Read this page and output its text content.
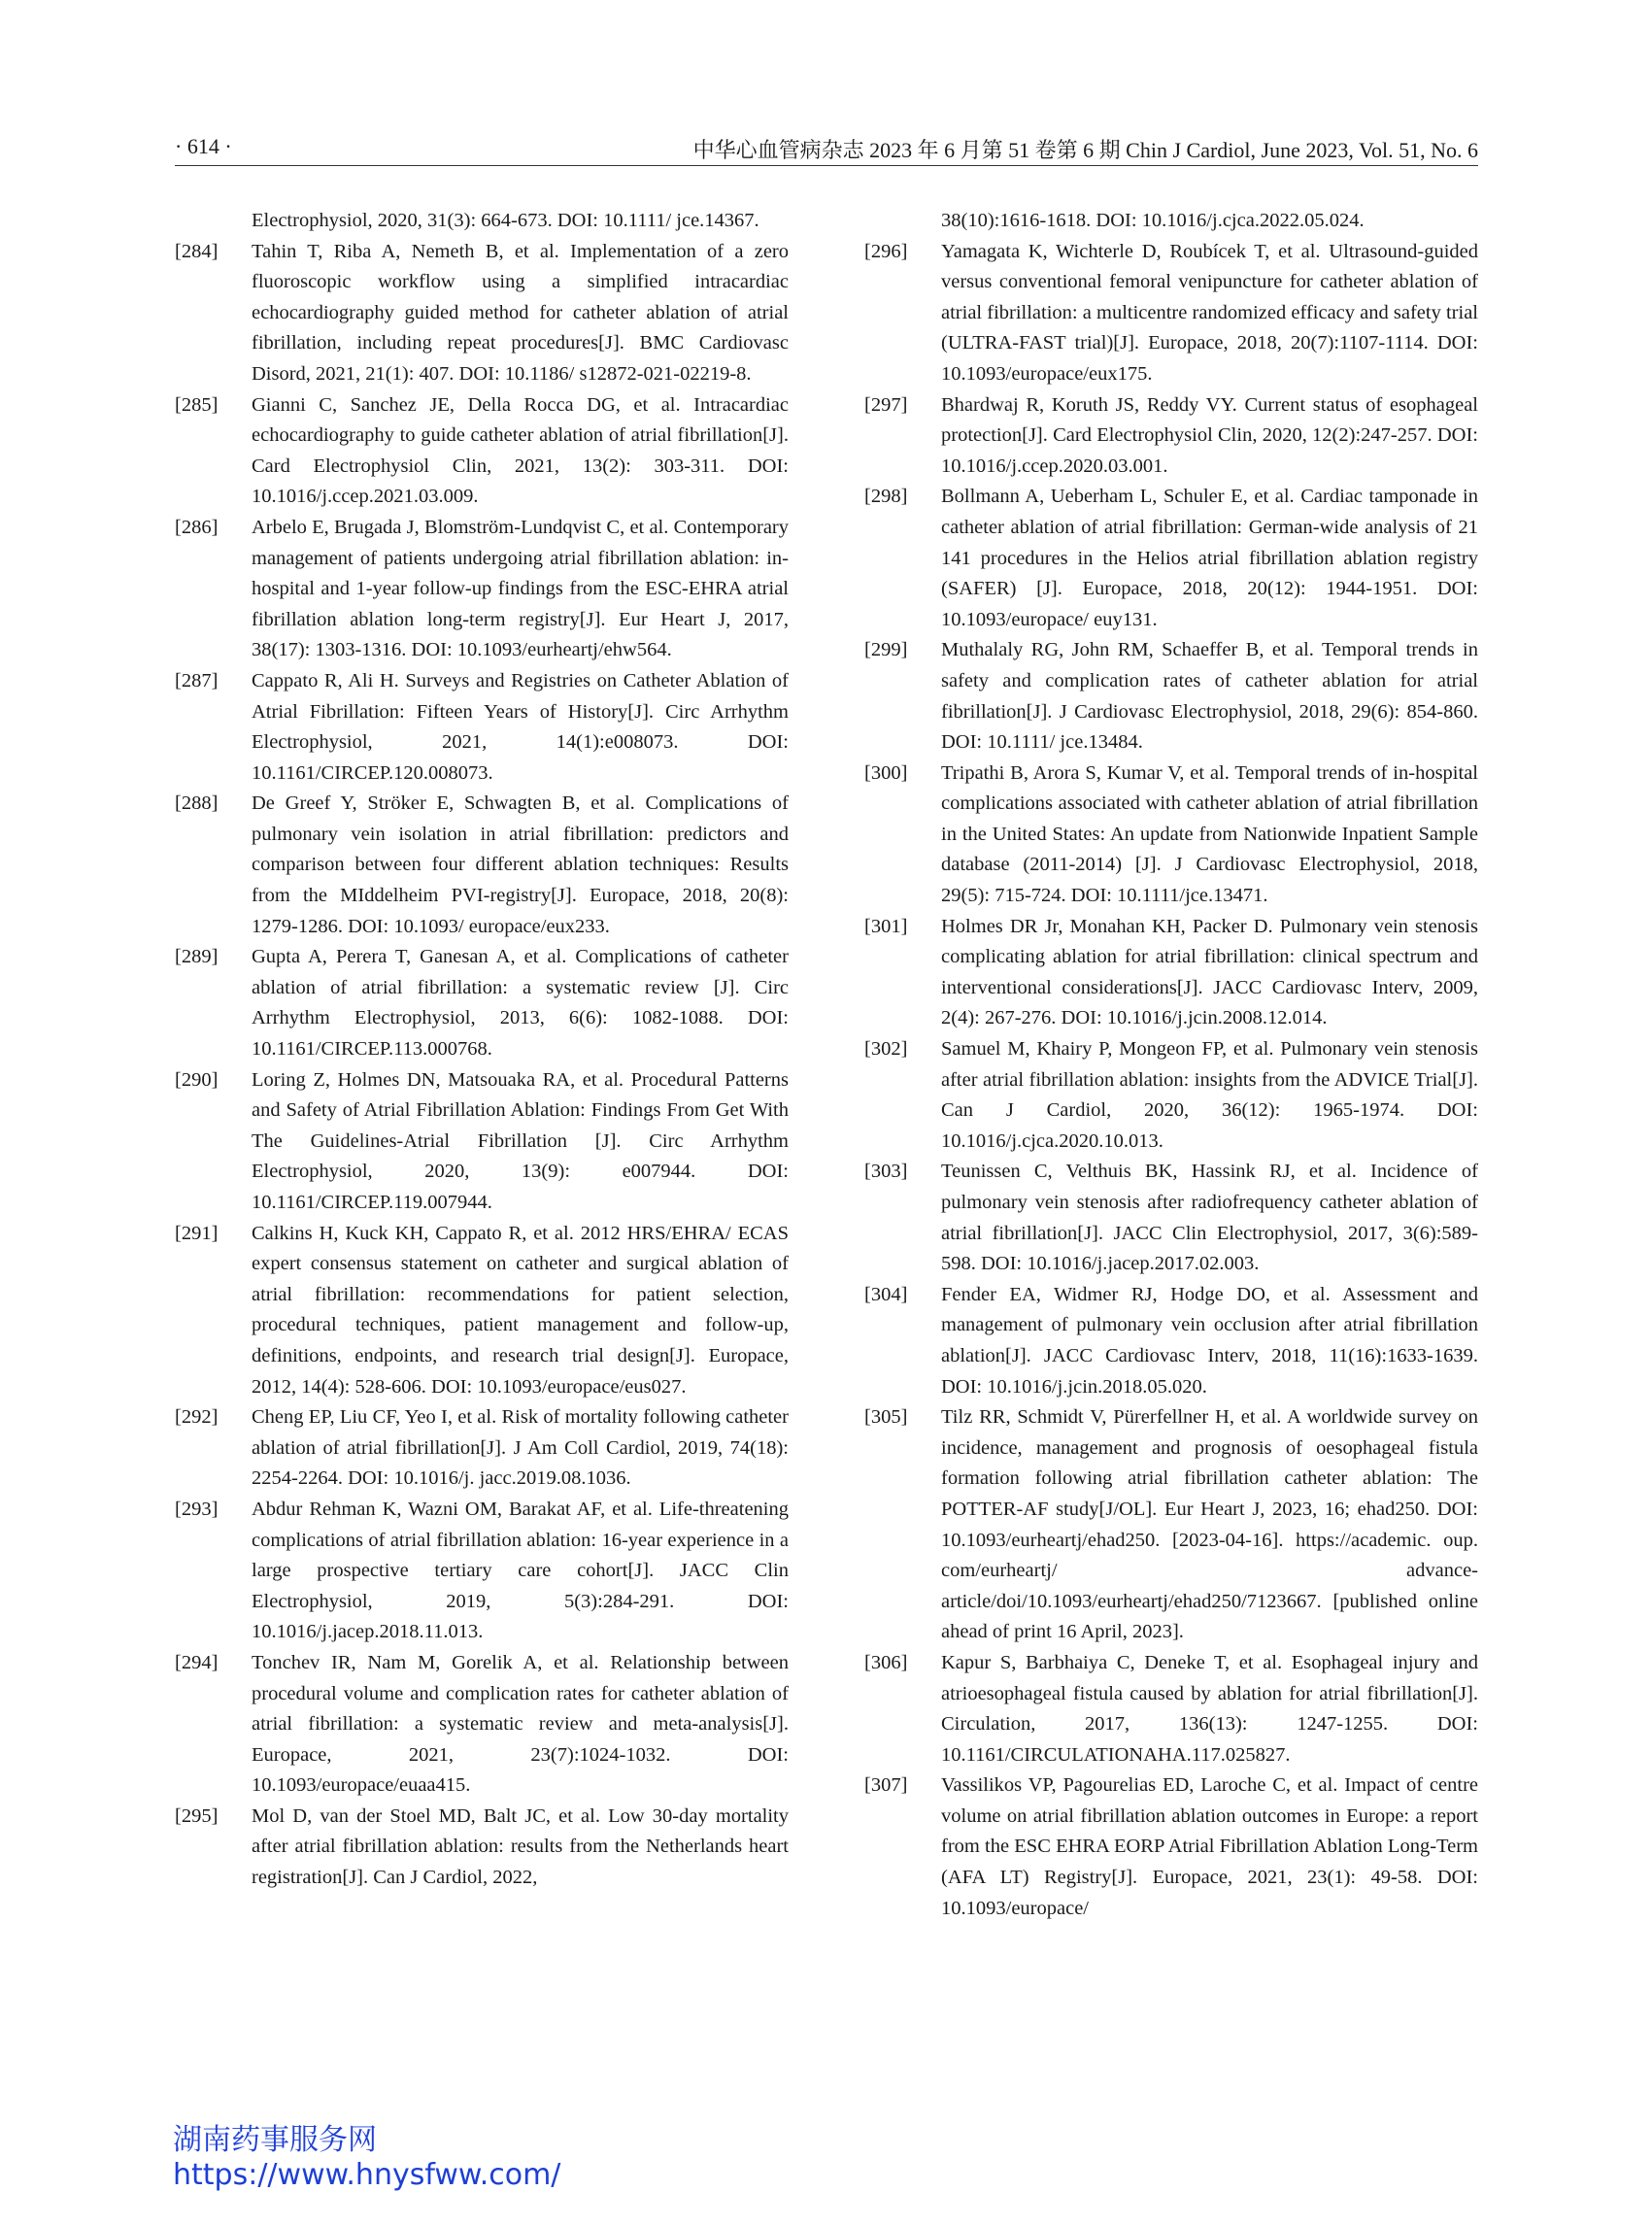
· 614 ·	中华心血管病杂志 2023 年 6 月第 51 卷第 6 期 Chin J Cardiol, June 2023, Vol. 51, No. 6
Electrophysiol, 2020, 31(3): 664-673. DOI: 10.1111/ jce.14367.
[284]	Tahin T, Riba A, Nemeth B, et al. Implementation of a zero fluoroscopic workflow using a simplified intracardiac echocardiography guided method for catheter ablation of atrial fibrillation, including repeat procedures[J]. BMC Cardiovasc Disord, 2021, 21(1): 407. DOI: 10.1186/ s12872-021-02219-8.
[285]	Gianni C, Sanchez JE, Della Rocca DG, et al. Intracardiac echocardiography to guide catheter ablation of atrial fibrillation[J]. Card Electrophysiol Clin, 2021, 13(2): 303-311. DOI: 10.1016/j.ccep.2021.03.009.
[286]	Arbelo E, Brugada J, Blomström-Lundqvist C, et al. Contemporary management of patients undergoing atrial fibrillation ablation: in-hospital and 1-year follow-up findings from the ESC-EHRA atrial fibrillation ablation long-term registry[J]. Eur Heart J, 2017, 38(17): 1303-1316. DOI: 10.1093/eurheartj/ehw564.
[287]	Cappato R, Ali H. Surveys and Registries on Catheter Ablation of Atrial Fibrillation: Fifteen Years of History[J]. Circ Arrhythm Electrophysiol, 2021, 14(1):e008073. DOI: 10.1161/CIRCEP.120.008073.
[288]	De Greef Y, Ströker E, Schwagten B, et al. Complications of pulmonary vein isolation in atrial fibrillation: predictors and comparison between four different ablation techniques: Results from the MIddelheim PVI-registry[J]. Europace, 2018, 20(8): 1279-1286. DOI: 10.1093/ europace/eux233.
[289]	Gupta A, Perera T, Ganesan A, et al. Complications of catheter ablation of atrial fibrillation: a systematic review [J]. Circ Arrhythm Electrophysiol, 2013, 6(6): 1082-1088. DOI: 10.1161/CIRCEP.113.000768.
[290]	Loring Z, Holmes DN, Matsouaka RA, et al. Procedural Patterns and Safety of Atrial Fibrillation Ablation: Findings From Get With The Guidelines-Atrial Fibrillation [J]. Circ Arrhythm Electrophysiol, 2020, 13(9): e007944. DOI: 10.1161/CIRCEP.119.007944.
[291]	Calkins H, Kuck KH, Cappato R, et al. 2012 HRS/EHRA/ ECAS expert consensus statement on catheter and surgical ablation of atrial fibrillation: recommendations for patient selection, procedural techniques, patient management and follow-up, definitions, endpoints, and research trial design[J]. Europace, 2012, 14(4): 528-606. DOI: 10.1093/europace/eus027.
[292]	Cheng EP, Liu CF, Yeo I, et al. Risk of mortality following catheter ablation of atrial fibrillation[J]. J Am Coll Cardiol, 2019, 74(18): 2254-2264. DOI: 10.1016/j. jacc.2019.08.1036.
[293]	Abdur Rehman K, Wazni OM, Barakat AF, et al. Life-threatening complications of atrial fibrillation ablation: 16-year experience in a large prospective tertiary care cohort[J]. JACC Clin Electrophysiol, 2019, 5(3):284-291. DOI: 10.1016/j.jacep.2018.11.013.
[294]	Tonchev IR, Nam M, Gorelik A, et al. Relationship between procedural volume and complication rates for catheter ablation of atrial fibrillation: a systematic review and meta-analysis[J]. Europace, 2021, 23(7):1024-1032. DOI: 10.1093/europace/euaa415.
[295]	Mol D, van der Stoel MD, Balt JC, et al. Low 30-day mortality after atrial fibrillation ablation: results from the Netherlands heart registration[J]. Can J Cardiol, 2022,
38(10):1616-1618. DOI: 10.1016/j.cjca.2022.05.024.
[296]	Yamagata K, Wichterle D, Roubícek T, et al. Ultrasound-guided versus conventional femoral venipuncture for catheter ablation of atrial fibrillation: a multicentre randomized efficacy and safety trial (ULTRA-FAST trial)[J]. Europace, 2018, 20(7):1107-1114. DOI: 10.1093/europace/eux175.
[297]	Bhardwaj R, Koruth JS, Reddy VY. Current status of esophageal protection[J]. Card Electrophysiol Clin, 2020, 12(2):247-257. DOI: 10.1016/j.ccep.2020.03.001.
[298]	Bollmann A, Ueberham L, Schuler E, et al. Cardiac tamponade in catheter ablation of atrial fibrillation: German-wide analysis of 21 141 procedures in the Helios atrial fibrillation ablation registry (SAFER) [J]. Europace, 2018, 20(12): 1944-1951. DOI: 10.1093/europace/ euy131.
[299]	Muthalaly RG, John RM, Schaeffer B, et al. Temporal trends in safety and complication rates of catheter ablation for atrial fibrillation[J]. J Cardiovasc Electrophysiol, 2018, 29(6): 854-860. DOI: 10.1111/ jce.13484.
[300]	Tripathi B, Arora S, Kumar V, et al. Temporal trends of in-hospital complications associated with catheter ablation of atrial fibrillation in the United States: An update from Nationwide Inpatient Sample database (2011-2014) [J]. J Cardiovasc Electrophysiol, 2018, 29(5): 715-724. DOI: 10.1111/jce.13471.
[301]	Holmes DR Jr, Monahan KH, Packer D. Pulmonary vein stenosis complicating ablation for atrial fibrillation: clinical spectrum and interventional considerations[J]. JACC Cardiovasc Interv, 2009, 2(4): 267-276. DOI: 10.1016/j.jcin.2008.12.014.
[302]	Samuel M, Khairy P, Mongeon FP, et al. Pulmonary vein stenosis after atrial fibrillation ablation: insights from the ADVICE Trial[J]. Can J Cardiol, 2020, 36(12): 1965-1974. DOI: 10.1016/j.cjca.2020.10.013.
[303]	Teunissen C, Velthuis BK, Hassink RJ, et al. Incidence of pulmonary vein stenosis after radiofrequency catheter ablation of atrial fibrillation[J]. JACC Clin Electrophysiol, 2017, 3(6):589-598. DOI: 10.1016/j.jacep.2017.02.003.
[304]	Fender EA, Widmer RJ, Hodge DO, et al. Assessment and management of pulmonary vein occlusion after atrial fibrillation ablation[J]. JACC Cardiovasc Interv, 2018, 11(16):1633-1639. DOI: 10.1016/j.jcin.2018.05.020.
[305]	Tilz RR, Schmidt V, Pürerfellner H, et al. A worldwide survey on incidence, management and prognosis of oesophageal fistula formation following atrial fibrillation catheter ablation: The POTTER-AF study[J/OL]. Eur Heart J, 2023, 16; ehad250. DOI: 10.1093/eurheartj/ehad250. [2023-04-16]. https://academic. oup. com/eurheartj/ advance-article/doi/10.1093/eurheartj/ehad250/7123667. [published online ahead of print 16 April, 2023].
[306]	Kapur S, Barbhaiya C, Deneke T, et al. Esophageal injury and atrioesophageal fistula caused by ablation for atrial fibrillation[J]. Circulation, 2017, 136(13): 1247-1255. DOI: 10.1161/CIRCULATIONAHA.117.025827.
[307]	Vassilikos VP, Pagourelias ED, Laroche C, et al. Impact of centre volume on atrial fibrillation ablation outcomes in Europe: a report from the ESC EHRA EORP Atrial Fibrillation Ablation Long-Term (AFA LT) Registry[J]. Europace, 2021, 23(1): 49-58. DOI: 10.1093/europace/
湖南药事服务网
https://www.hnysfww.com/
